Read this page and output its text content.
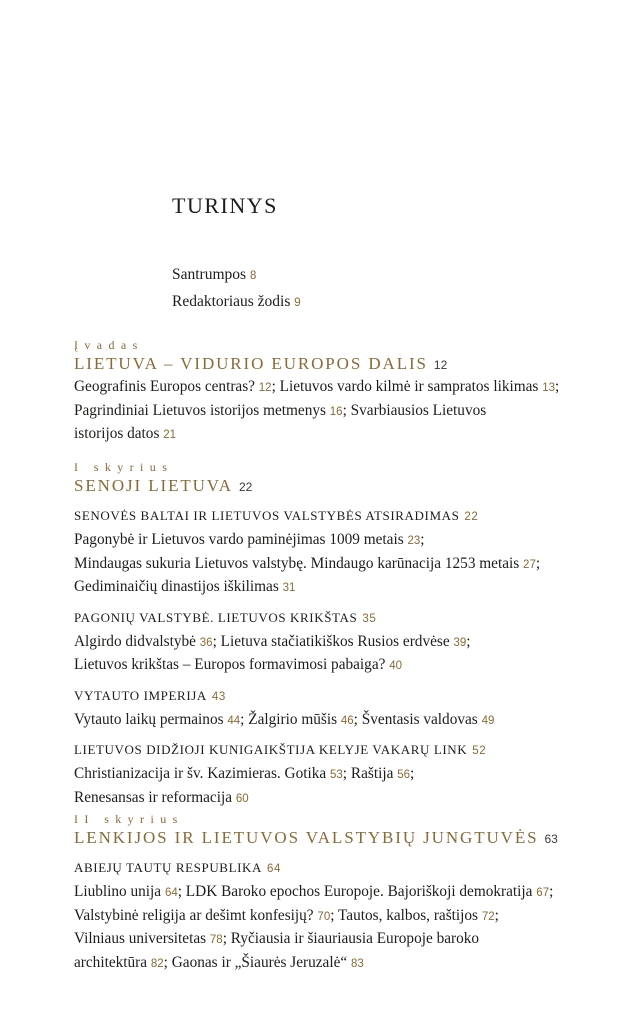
TURINYS
Santrumpos 8
Redaktoriaus žodis 9
Įvadas
LIETUVA – VIDURIO EUROPOS DALIS 12
Geografinis Europos centras? 12; Lietuvos vardo kilmė ir sampratos likimas 13;
Pagrindiniai Lietuvos istorijos metmenys 16; Svarbiausios Lietuvos
istorijos datos 21
I skyrius
SENOJI LIETUVA 22
SENOVĖS BALTAI IR LIETUVOS VALSTYBĖS ATSIRADIMAS 22
Pagonybė ir Lietuvos vardo paminėjimas 1009 metais 23;
Mindaugas sukuria Lietuvos valstybę. Mindaugo karūnacija 1253 metais 27;
Gediminaičių dinastijos iškilimas 31
PAGONIŲ VALSTYBĖ. LIETUVOS KRIKŠTAS 35
Algirdo didvalstybė 36; Lietuva stačiatikiškos Rusios erdvėse 39;
Lietuvos krikštas – Europos formavimosi pabaiga? 40
VYTAUTO IMPERIJA 43
Vytauto laikų permainos 44; Žalgirio mūšis 46; Šventasis valdovas 49
LIETUVOS DIDŽIOJI KUNIGAIKŠTIJA KELYJE VAKARŲ LINK 52
Christianizacija ir šv. Kazimieras. Gotika 53; Raštija 56;
Renesansas ir reformacija 60
II skyrius
LENKIJOS IR LIETUVOS VALSTYBIŲ JUNGTUVĖS 63
ABIEJŲ TAUTŲ RESPUBLIKA 64
Liublino unija 64; LDK Baroko epochos Europoje. Bajoriškoji demokratija 67;
Valstybinė religija ar dešimt konfesijų? 70; Tautos, kalbos, raštijos 72;
Vilniaus universitetas 78; Ryčiausia ir šiauriausia Europoje baroko
architektūra 82; Gaonas ir „Šiaurės Jeruzalė“ 83
